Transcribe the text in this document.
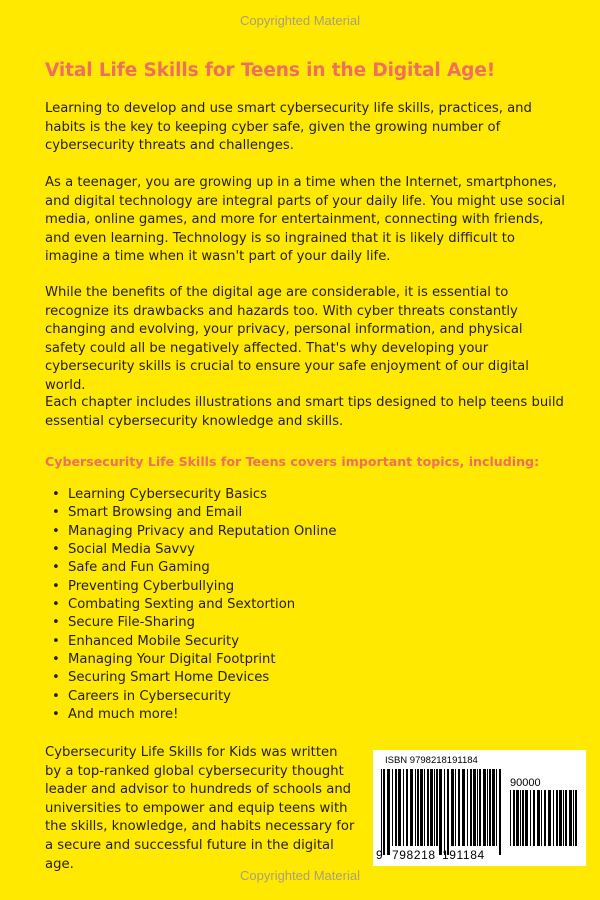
Copyrighted Material
Vital Life Skills for Teens in the Digital Age!

Learning to develop and use smart cybersecurity life skills, practices, and habits is the key to keeping cyber safe, given the growing number of cybersecurity threats and challenges.

As a teenager, you are growing up in a time when the Internet, smartphones, and digital technology are integral parts of your daily life. You might use social media, online games, and more for entertainment, connecting with friends, and even learning. Technology is so ingrained that it is likely difficult to imagine a time when it wasn't part of your daily life.

While the benefits of the digital age are considerable, it is essential to recognize its drawbacks and hazards too. With cyber threats constantly changing and evolving, your privacy, personal information, and physical safety could all be negatively affected. That's why developing your cybersecurity skills is crucial to ensure your safe enjoyment of our digital world.

Each chapter includes illustrations and smart tips designed to help teens build essential cybersecurity knowledge and skills.

Cybersecurity Life Skills for Teens covers important topics, including:
• Learning Cybersecurity Basics
• Smart Browsing and Email
• Managing Privacy and Reputation Online
• Social Media Savvy
• Safe and Fun Gaming
• Preventing Cyberbullying
• Combating Sexting and Sextortion
• Secure File-Sharing
• Enhanced Mobile Security
• Managing Your Digital Footprint
• Securing Smart Home Devices
• Careers in Cybersecurity
• And much more!

Cybersecurity Life Skills for Kids was written by a top-ranked global cybersecurity thought leader and advisor to hundreds of schools and universities to empower and equip teens with the skills, knowledge, and habits necessary for a secure and successful future in the digital age.

ISBN 9798218191184
90000
9 798218 191184
Copyrighted Material
